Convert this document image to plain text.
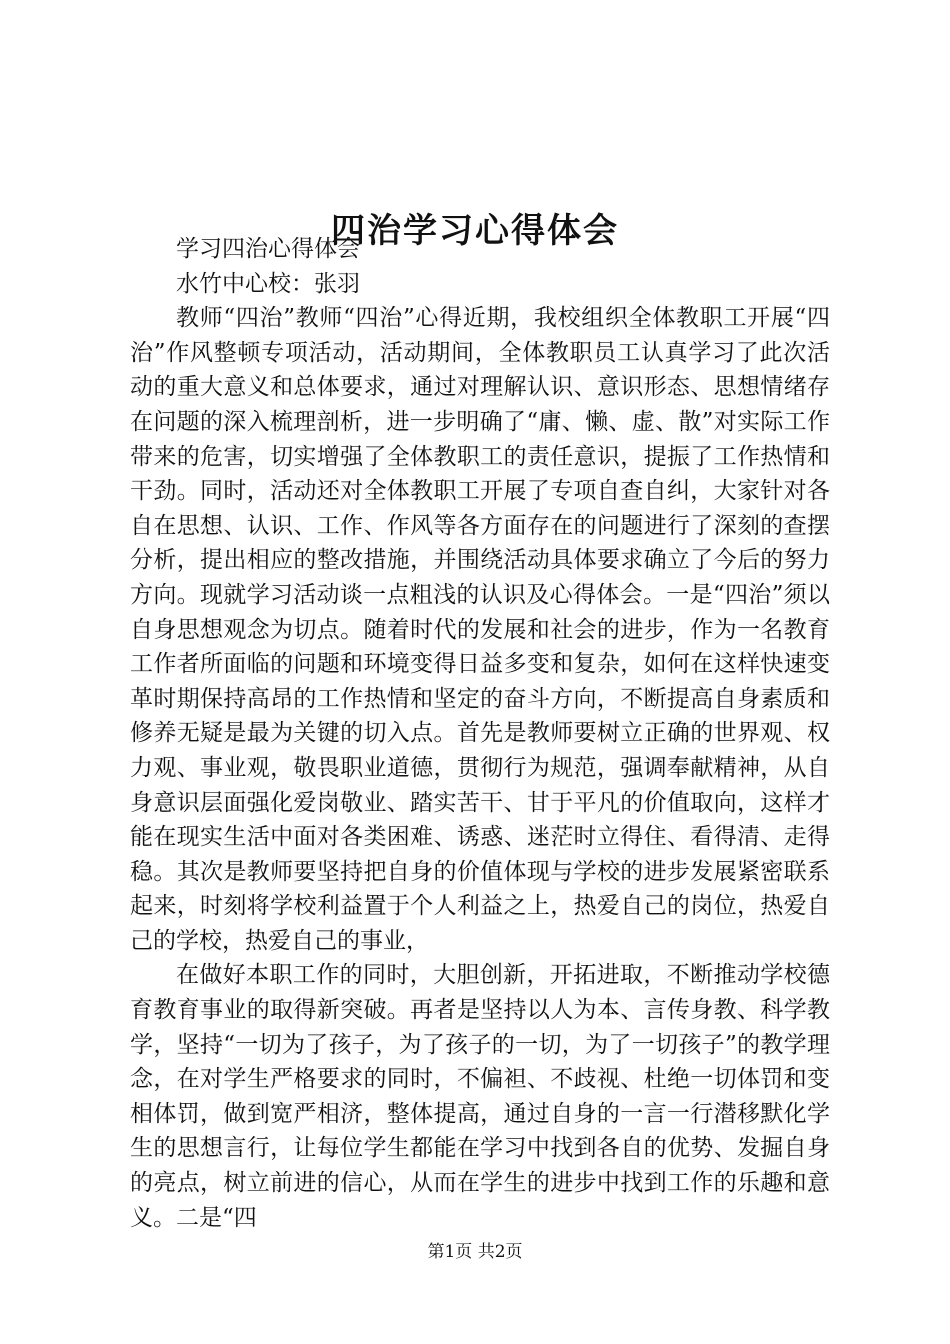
四治学习心得体会

学习四治心得体会

水竹中心校：张羽

教师“四治”教师“四治”心得近期，我校组织全体教职工开展“四治”作风整顿专项活动，活动期间，全体教职员工认真学习了此次活动的重大意义和总体要求，通过对理解认识、意识形态、思想情绪存在问题的深入梳理剖析，进一步明确了“庸、懒、虚、散”对实际工作带来的危害，切实增强了全体教职工的责任意识，提振了工作热情和干劲。同时，活动还对全体教职工开展了专项自查自纠，大家针对各自在思想、认识、工作、作风等各方面存在的问题进行了深刻的查摆分析，提出相应的整改措施，并围绕活动具体要求确立了今后的努力方向。现就学习活动谈一点粗浅的认识及心得体会。一是“四治”须以自身思想观念为切点。随着时代的发展和社会的进步，作为一名教育工作者所面临的问题和环境变得日益多变和复杂，如何在这样快速变革时期保持高昂的工作热情和坚定的奋斗方向，不断提高自身素质和修养无疑是最为关键的切入点。首先是教师要树立正确的世界观、权力观、事业观，敬畏职业道德，贯彻行为规范，强调奉献精神，从自身意识层面强化爱岗敬业、踏实苦干、甘于平凡的价值取向，这样才能在现实生活中面对各类困难、诱惑、迷茫时立得住、看得清、走得稳。其次是教师要坚持把自身的价值体现与学校的进步发展紧密联系起来，时刻将学校利益置于个人利益之上，热爱自己的岗位，热爱自己的学校，热爱自己的事业，

在做好本职工作的同时，大胆创新，开拓进取，不断推动学校德育教育事业的取得新突破。再者是坚持以人为本、言传身教、科学教学，坚持“一切为了孩子，为了孩子的一切，为了一切孩子”的教学理念，在对学生严格要求的同时，不偏袒、不歧视、杜绝一切体罚和变相体罚，做到宽严相济，整体提高，通过自身的一言一行潜移默化学生的思想言行，让每位学生都能在学习中找到各自的优势、发掘自身的亮点，树立前进的信心，从而在学生的进步中找到工作的乐趣和意义。二是“四

第1页 共2页
